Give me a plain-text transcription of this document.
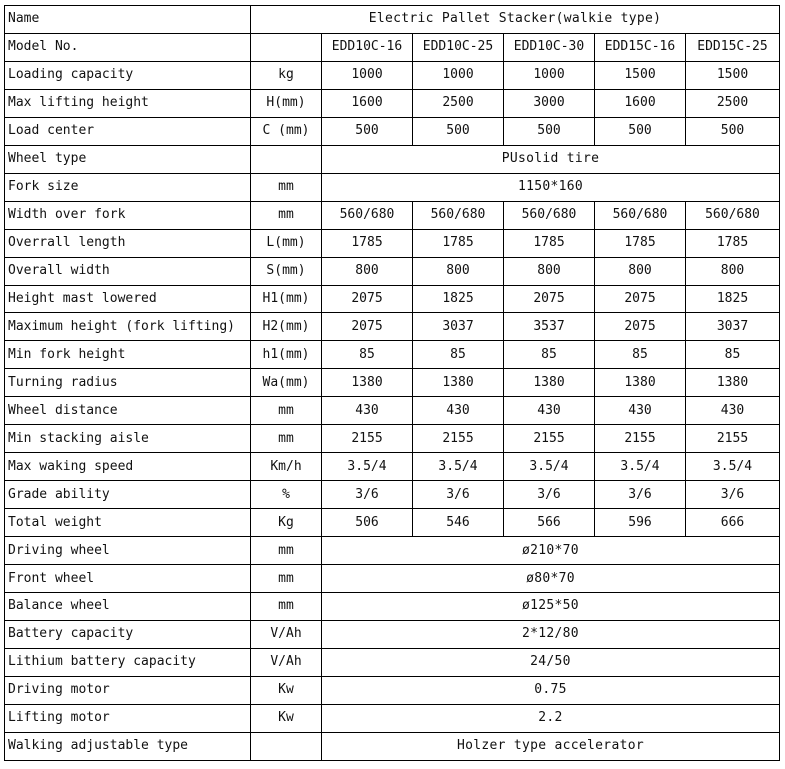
Name	Electric Pallet Stacker(walkie type)					
Model No.		EDD10C-16	EDD10C-25	EDD10C-30	EDD15C-16	EDD15C-25
Loading capacity	kg	1000	1000	1000	1500	1500
Max lifting height	H(mm)	1600	2500	3000	1600	2500
Load center	C (mm)	500	500	500	500	500
Wheel type		PUsolid tire				
Fork size	mm	1150*160				
Width over fork	mm	560/680	560/680	560/680	560/680	560/680
Overrall length	L(mm)	1785	1785	1785	1785	1785
Overall width	S(mm)	800	800	800	800	800
Height mast lowered	H1(mm)	2075	1825	2075	2075	1825
Maximum height (fork lifting)	H2(mm)	2075	3037	3537	2075	3037
Min fork height	h1(mm)	85	85	85	85	85
Turning radius	Wa(mm)	1380	1380	1380	1380	1380
Wheel distance	mm	430	430	430	430	430
Min stacking aisle	mm	2155	2155	2155	2155	2155
Max waking speed	Km/h	3.5/4	3.5/4	3.5/4	3.5/4	3.5/4
Grade ability	%	3/6	3/6	3/6	3/6	3/6
Total weight	Kg	506	546	566	596	666
Driving wheel	mm	ø210*70				
Front wheel	mm	ø80*70				
Balance wheel	mm	ø125*50				
Battery capacity	V/Ah	2*12/80				
Lithium battery capacity	V/Ah	24/50				
Driving motor	Kw	0.75				
Lifting motor	Kw	2.2				
Walking adjustable type		Holzer type accelerator				
